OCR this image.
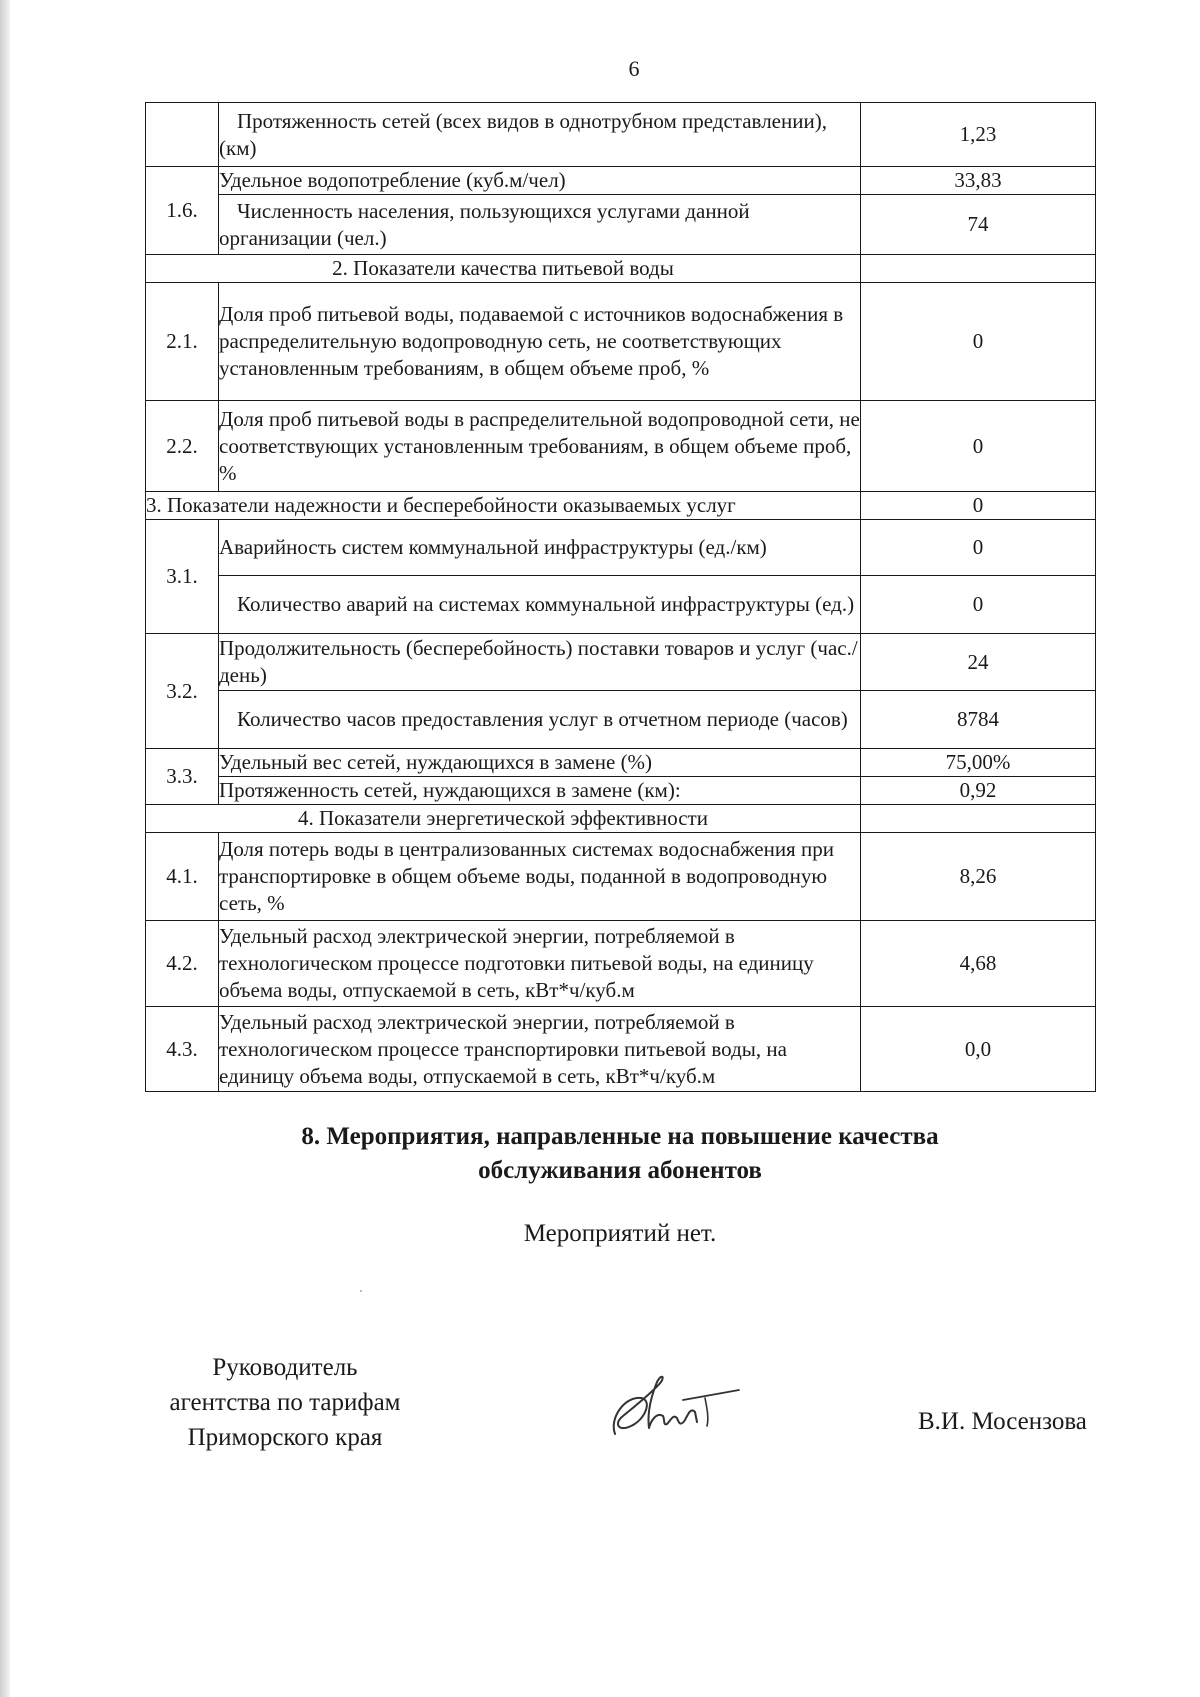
6
	Протяженность сетей (всех видов в однотрубном представлении), (км)	1,23
1.6.	Удельное водопотребление (куб.м/чел)	33,83
	Численность населения, пользующихся услугами данной организации (чел.)	74
2. Показатели качества питьевой воды		
2.1.	Доля проб питьевой воды, подаваемой с источников водоснабжения в распределительную водопроводную сеть, не соответствующих установленным требованиям, в общем объеме проб, %	0
2.2.	Доля проб питьевой воды в распределительной водопроводной сети, не соответствующих установленным требованиям, в общем объеме проб, %	0
3. Показатели надежности и бесперебойности оказываемых услуг		0
3.1.	Аварийность систем коммунальной инфраструктуры (ед./км)	0
	Количество аварий на системах коммунальной инфраструктуры (ед.)	0
3.2.	Продолжительность (бесперебойность) поставки товаров и услуг (час./день)	24
	Количество часов предоставления услуг в отчетном периоде (часов)	8784
3.3.	Удельный вес сетей, нуждающихся в замене (%)	75,00%
	Протяженность сетей, нуждающихся в замене (км):	0,92
4. Показатели энергетической эффективности		
4.1.	Доля потерь воды в централизованных системах водоснабжения при транспортировке в общем объеме воды, поданной в водопроводную сеть, %	8,26
4.2.	Удельный расход электрической энергии, потребляемой в технологическом процессе подготовки питьевой воды, на единицу объема воды, отпускаемой в сеть, кВт*ч/куб.м	4,68
4.3.	Удельный расход электрической энергии, потребляемой в технологическом процессе транспортировки питьевой воды, на единицу объема воды, отпускаемой в сеть, кВт*ч/куб.м	0,0
8. Мероприятия, направленные на повышение качества
обслуживания абонентов
Мероприятий нет.
Руководитель
агентства по тарифам
Приморского края
В.И. Мосензова
